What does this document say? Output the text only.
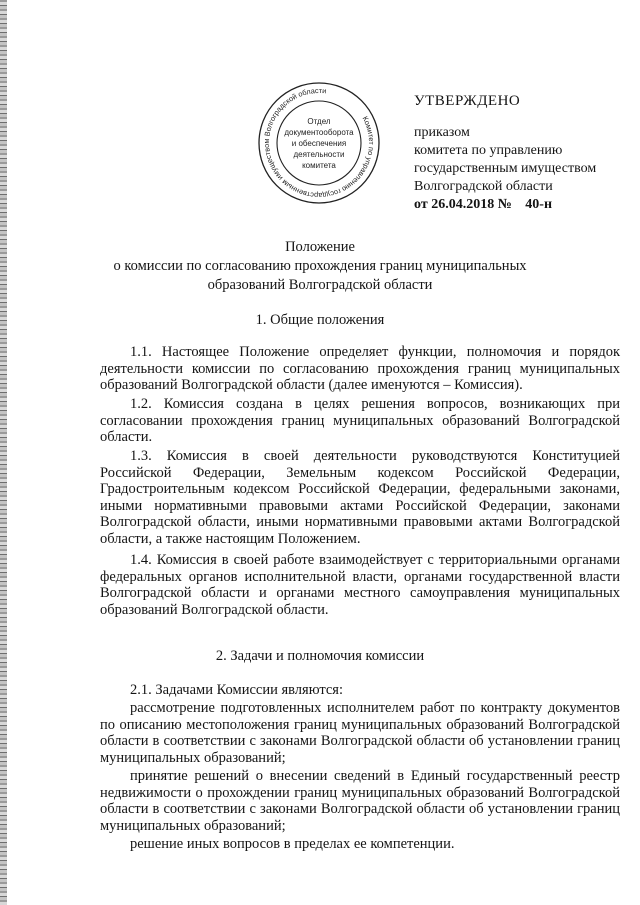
Комитет по управлению государственным имуществом Волгоградской области
Отдел
документооборота
и обеспечения
деятельности
комитета
УТВЕРЖДЕНО
приказом
комитета по управлению
государственным имуществом
Волгоградской области
от 26.04.2018 № 40-н
Положение
о комиссии по согласованию прохождения границ муниципальных
образований Волгоградской области
1. Общие положения
1.1. Настоящее Положение определяет функции, полномочия и порядок деятельности комиссии по согласованию прохождения границ муниципальных образований Волгоградской области (далее именуются – Комиссия).
1.2. Комиссия создана в целях решения вопросов, возникающих при согласовании прохождения границ муниципальных образований Волгоградской области.
1.3. Комиссия в своей деятельности руководствуются Конституцией Российской Федерации, Земельным кодексом Российской Федерации, Градостроительным кодексом Российской Федерации, федеральными законами, иными нормативными правовыми актами Российской Федерации, законами Волгоградской области, иными нормативными правовыми актами Волгоградской области, а также настоящим Положением.
1.4. Комиссия в своей работе взаимодействует с территориальными органами федеральных органов исполнительной власти, органами государственной власти Волгоградской области и органами местного самоуправления муниципальных образований Волгоградской области.
2. Задачи и полномочия комиссии
2.1. Задачами Комиссии являются:
рассмотрение подготовленных исполнителем работ по контракту документов по описанию местоположения границ муниципальных образований Волгоградской области в соответствии с законами Волгоградской области об установлении границ муниципальных образований;
принятие решений о внесении сведений в Единый государственный реестр недвижимости о прохождении границ муниципальных образований Волгоградской области в соответствии с законами Волгоградской области об установлении границ муниципальных образований;
решение иных вопросов в пределах ее компетенции.
